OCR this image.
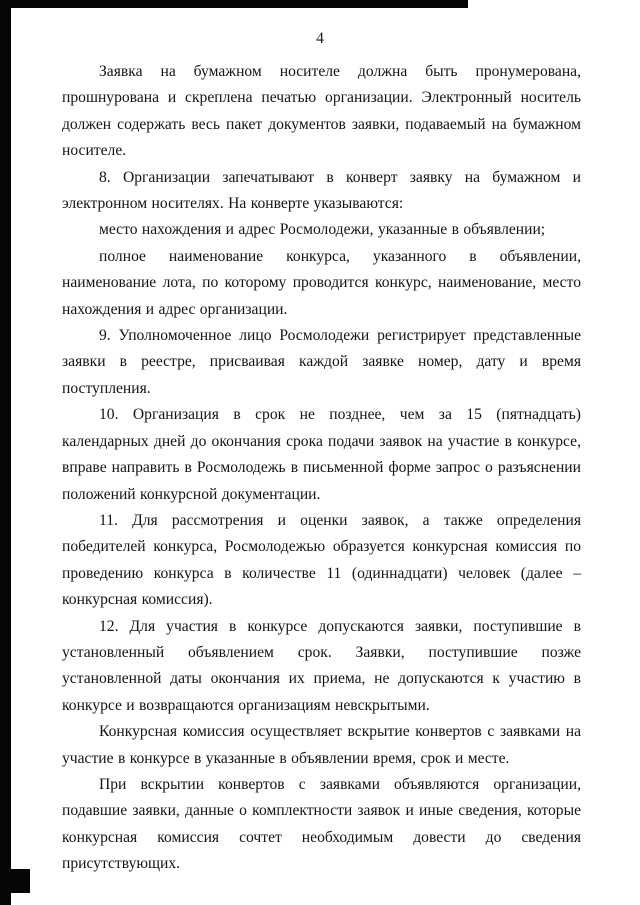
4

Заявка на бумажном носителе должна быть пронумерована, прошнурована и скреплена печатью организации. Электронный носитель должен содержать весь пакет документов заявки, подаваемый на бумажном носителе.

8. Организации запечатывают в конверт заявку на бумажном и электронном носителях. На конверте указываются:

место нахождения и адрес Росмолодежи, указанные в объявлении;

полное наименование конкурса, указанного в объявлении, наименование лота, по которому проводится конкурс, наименование, место нахождения и адрес организации.

9. Уполномоченное лицо Росмолодежи регистрирует представленные заявки в реестре, присваивая каждой заявке номер, дату и время поступления.

10. Организация в срок не позднее, чем за 15 (пятнадцать) календарных дней до окончания срока подачи заявок на участие в конкурсе, вправе направить в Росмолодежь в письменной форме запрос о разъяснении положений конкурсной документации.

11. Для рассмотрения и оценки заявок, а также определения победителей конкурса, Росмолодежью образуется конкурсная комиссия по проведению конкурса в количестве 11 (одиннадцати) человек (далее – конкурсная комиссия).

12. Для участия в конкурсе допускаются заявки, поступившие в установленный объявлением срок. Заявки, поступившие позже установленной даты окончания их приема, не допускаются к участию в конкурсе и возвращаются организациям невскрытыми.

Конкурсная комиссия осуществляет вскрытие конвертов с заявками на участие в конкурсе в указанные в объявлении время, срок и месте.

При вскрытии конвертов с заявками объявляются организации, подавшие заявки, данные о комплектности заявок и иные сведения, которые конкурсная комиссия сочтет необходимым довести до сведения присутствующих.
